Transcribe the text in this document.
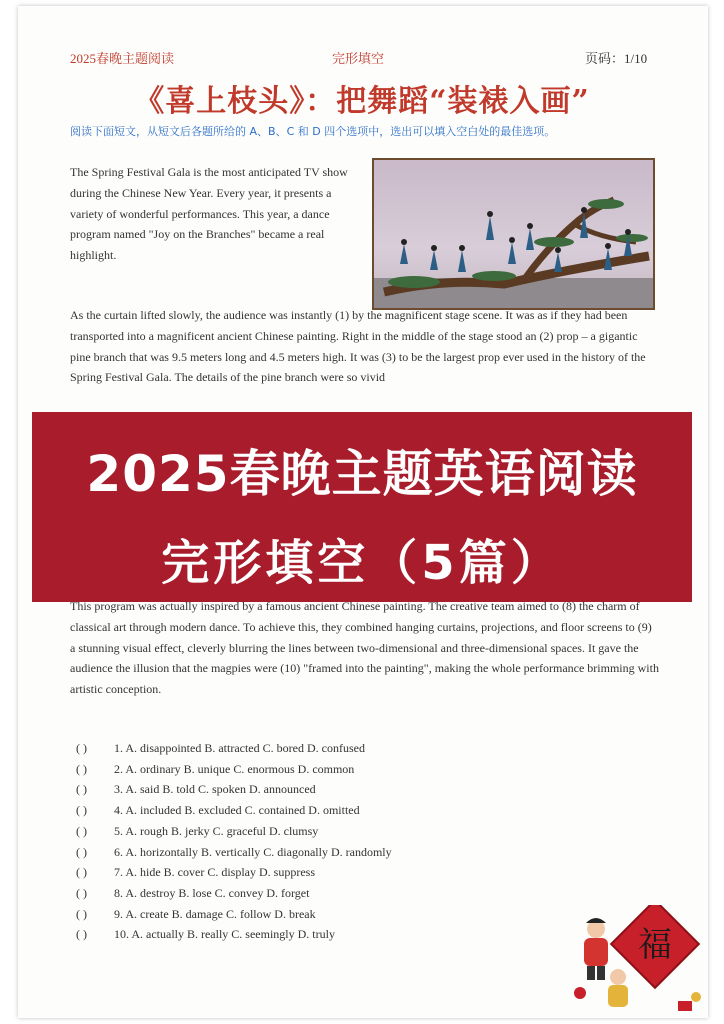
2025春晚主题阅读	完形填空	页码：1/10
《喜上枝头》：把舞蹈“装裱入画”
阅读下面短文，从短文后各题所给的 A、B、C 和 D 四个选项中，选出可以填入空白处的最佳选项。
The Spring Festival Gala is the most anticipated TV show during the Chinese New Year. Every year, it presents a variety of wonderful performances. This year, a dance program named "Joy on the Branches" became a real highlight.
As the curtain lifted slowly, the audience was instantly (1) by the magnificent stage scene. It was as if they had been transported into a magnificent ancient Chinese painting. Right in the middle of the stage stood an (2) prop – a gigantic pine branch that was 9.5 meters long and 4.5 meters high. It was (3) to be the largest prop ever used in the history of the Spring Festival Gala. The details of the pine branch were so vivid
2025春晚主题英语阅读
完形填空（5篇）
This program was actually inspired by a famous ancient Chinese painting. The creative team aimed to (8) the charm of classical art through modern dance. To achieve this, they combined hanging curtains, projections, and floor screens to (9) a stunning visual effect, cleverly blurring the lines between two-dimensional and three-dimensional spaces. It gave the audience the illusion that the magpies were (10) "framed into the painting", making the whole performance brimming with artistic conception.
( ) 1. A. disappointed B. attracted C. bored D. confused
( ) 2. A. ordinary B. unique C. enormous D. common
( ) 3. A. said B. told C. spoken D. announced
( ) 4. A. included B. excluded C. contained D. omitted
( ) 5. A. rough B. jerky C. graceful D. clumsy
( ) 6. A. horizontally B. vertically C. diagonally D. randomly
( ) 7. A. hide B. cover C. display D. suppress
( ) 8. A. destroy B. lose C. convey D. forget
( ) 9. A. create B. damage C. follow D. break
( ) 10. A. actually B. really C. seemingly D. truly	福
